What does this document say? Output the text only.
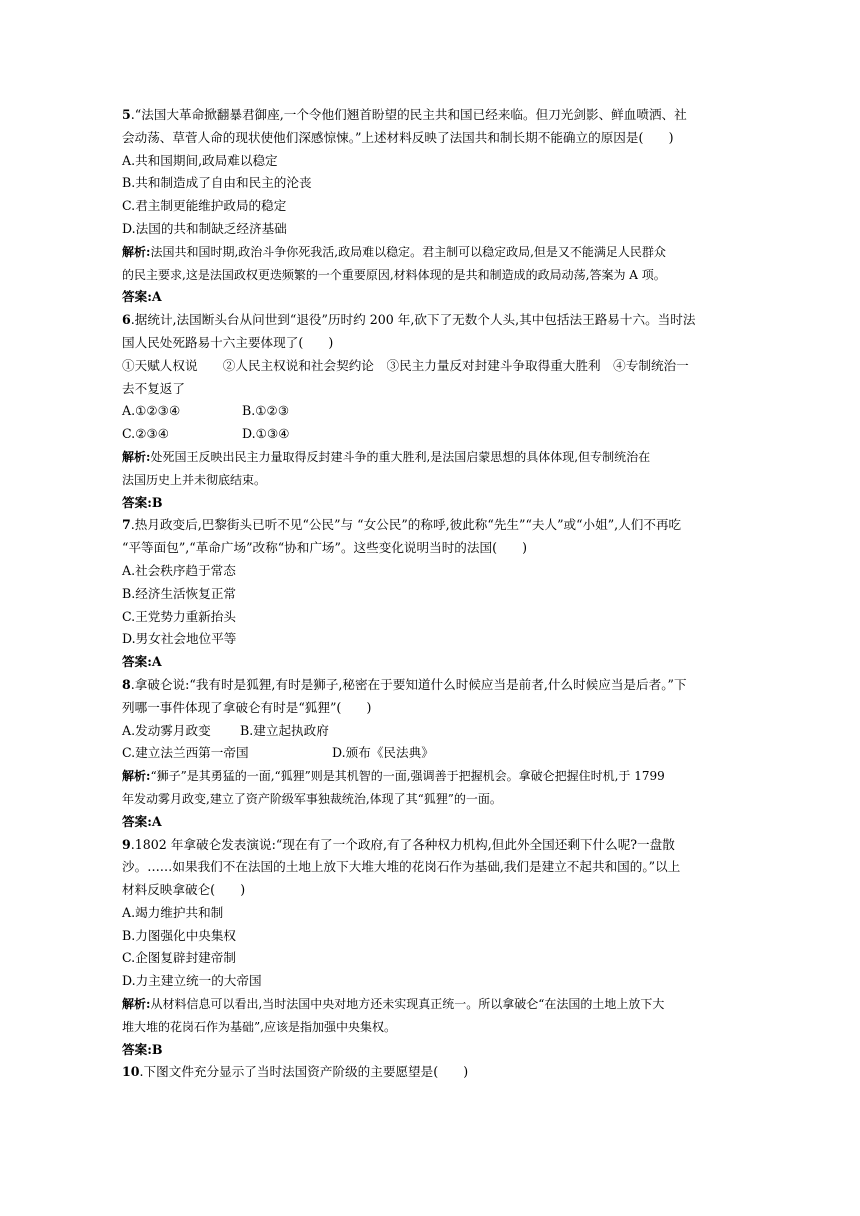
5.“法国大革命掀翻暴君御座,一个令他们翘首盼望的民主共和国已经来临。但刀光剑影、鲜血喷洒、社
会动荡、草菅人命的现状使他们深感惊悚。”上述材料反映了法国共和制长期不能确立的原因是(　　)
A.共和国期间,政局难以稳定
B.共和制造成了自由和民主的沦丧
C.君主制更能维护政局的稳定
D.法国的共和制缺乏经济基础
解析:法国共和国时期,政治斗争你死我活,政局难以稳定。君主制可以稳定政局,但是又不能满足人民群众
的民主要求,这是法国政权更迭频繁的一个重要原因,材料体现的是共和制造成的政局动荡,答案为 A 项。
答案:A
6.据统计,法国断头台从问世到“退役”历时约 200 年,砍下了无数个人头,其中包括法王路易十六。当时法
国人民处死路易十六主要体现了(　　)
①天赋人权说　　②人民主权说和社会契约论　③民主力量反对封建斗争取得重大胜利　④专制统治一
去不复返了
A.①②③④	B.①②③
C.②③④	D.①③④
解析:处死国王反映出民主力量取得反封建斗争的重大胜利,是法国启蒙思想的具体体现,但专制统治在
法国历史上并未彻底结束。
答案:B
7.热月政变后,巴黎街头已听不见“公民”与 “女公民”的称呼,彼此称“先生”“夫人”或“小姐”,人们不再吃
“平等面包”,“革命广场”改称“协和广场”。这些变化说明当时的法国(　　)
A.社会秩序趋于常态
B.经济生活恢复正常
C.王党势力重新抬头
D.男女社会地位平等
答案:A
8.拿破仑说:“我有时是狐狸,有时是狮子,秘密在于要知道什么时候应当是前者,什么时候应当是后者。”下
列哪一事件体现了拿破仑有时是“狐狸”(　　)
A.发动雾月政变 B.建立起执政府
C.建立法兰西第一帝国	D.颁布《民法典》
解析:“狮子”是其勇猛的一面,“狐狸”则是其机智的一面,强调善于把握机会。拿破仑把握住时机,于 1799
年发动雾月政变,建立了资产阶级军事独裁统治,体现了其“狐狸”的一面。
答案:A
9.1802 年拿破仑发表演说:“现在有了一个政府,有了各种权力机构,但此外全国还剩下什么呢?一盘散
沙。……如果我们不在法国的土地上放下大堆大堆的花岗石作为基础,我们是建立不起共和国的。”以上
材料反映拿破仑(　　)
A.竭力维护共和制
B.力图强化中央集权
C.企图复辟封建帝制
D.力主建立统一的大帝国
解析:从材料信息可以看出,当时法国中央对地方还未实现真正统一。所以拿破仑“在法国的土地上放下大
堆大堆的花岗石作为基础”,应该是指加强中央集权。
答案:B
10.下图文件充分显示了当时法国资产阶级的主要愿望是(　　)
